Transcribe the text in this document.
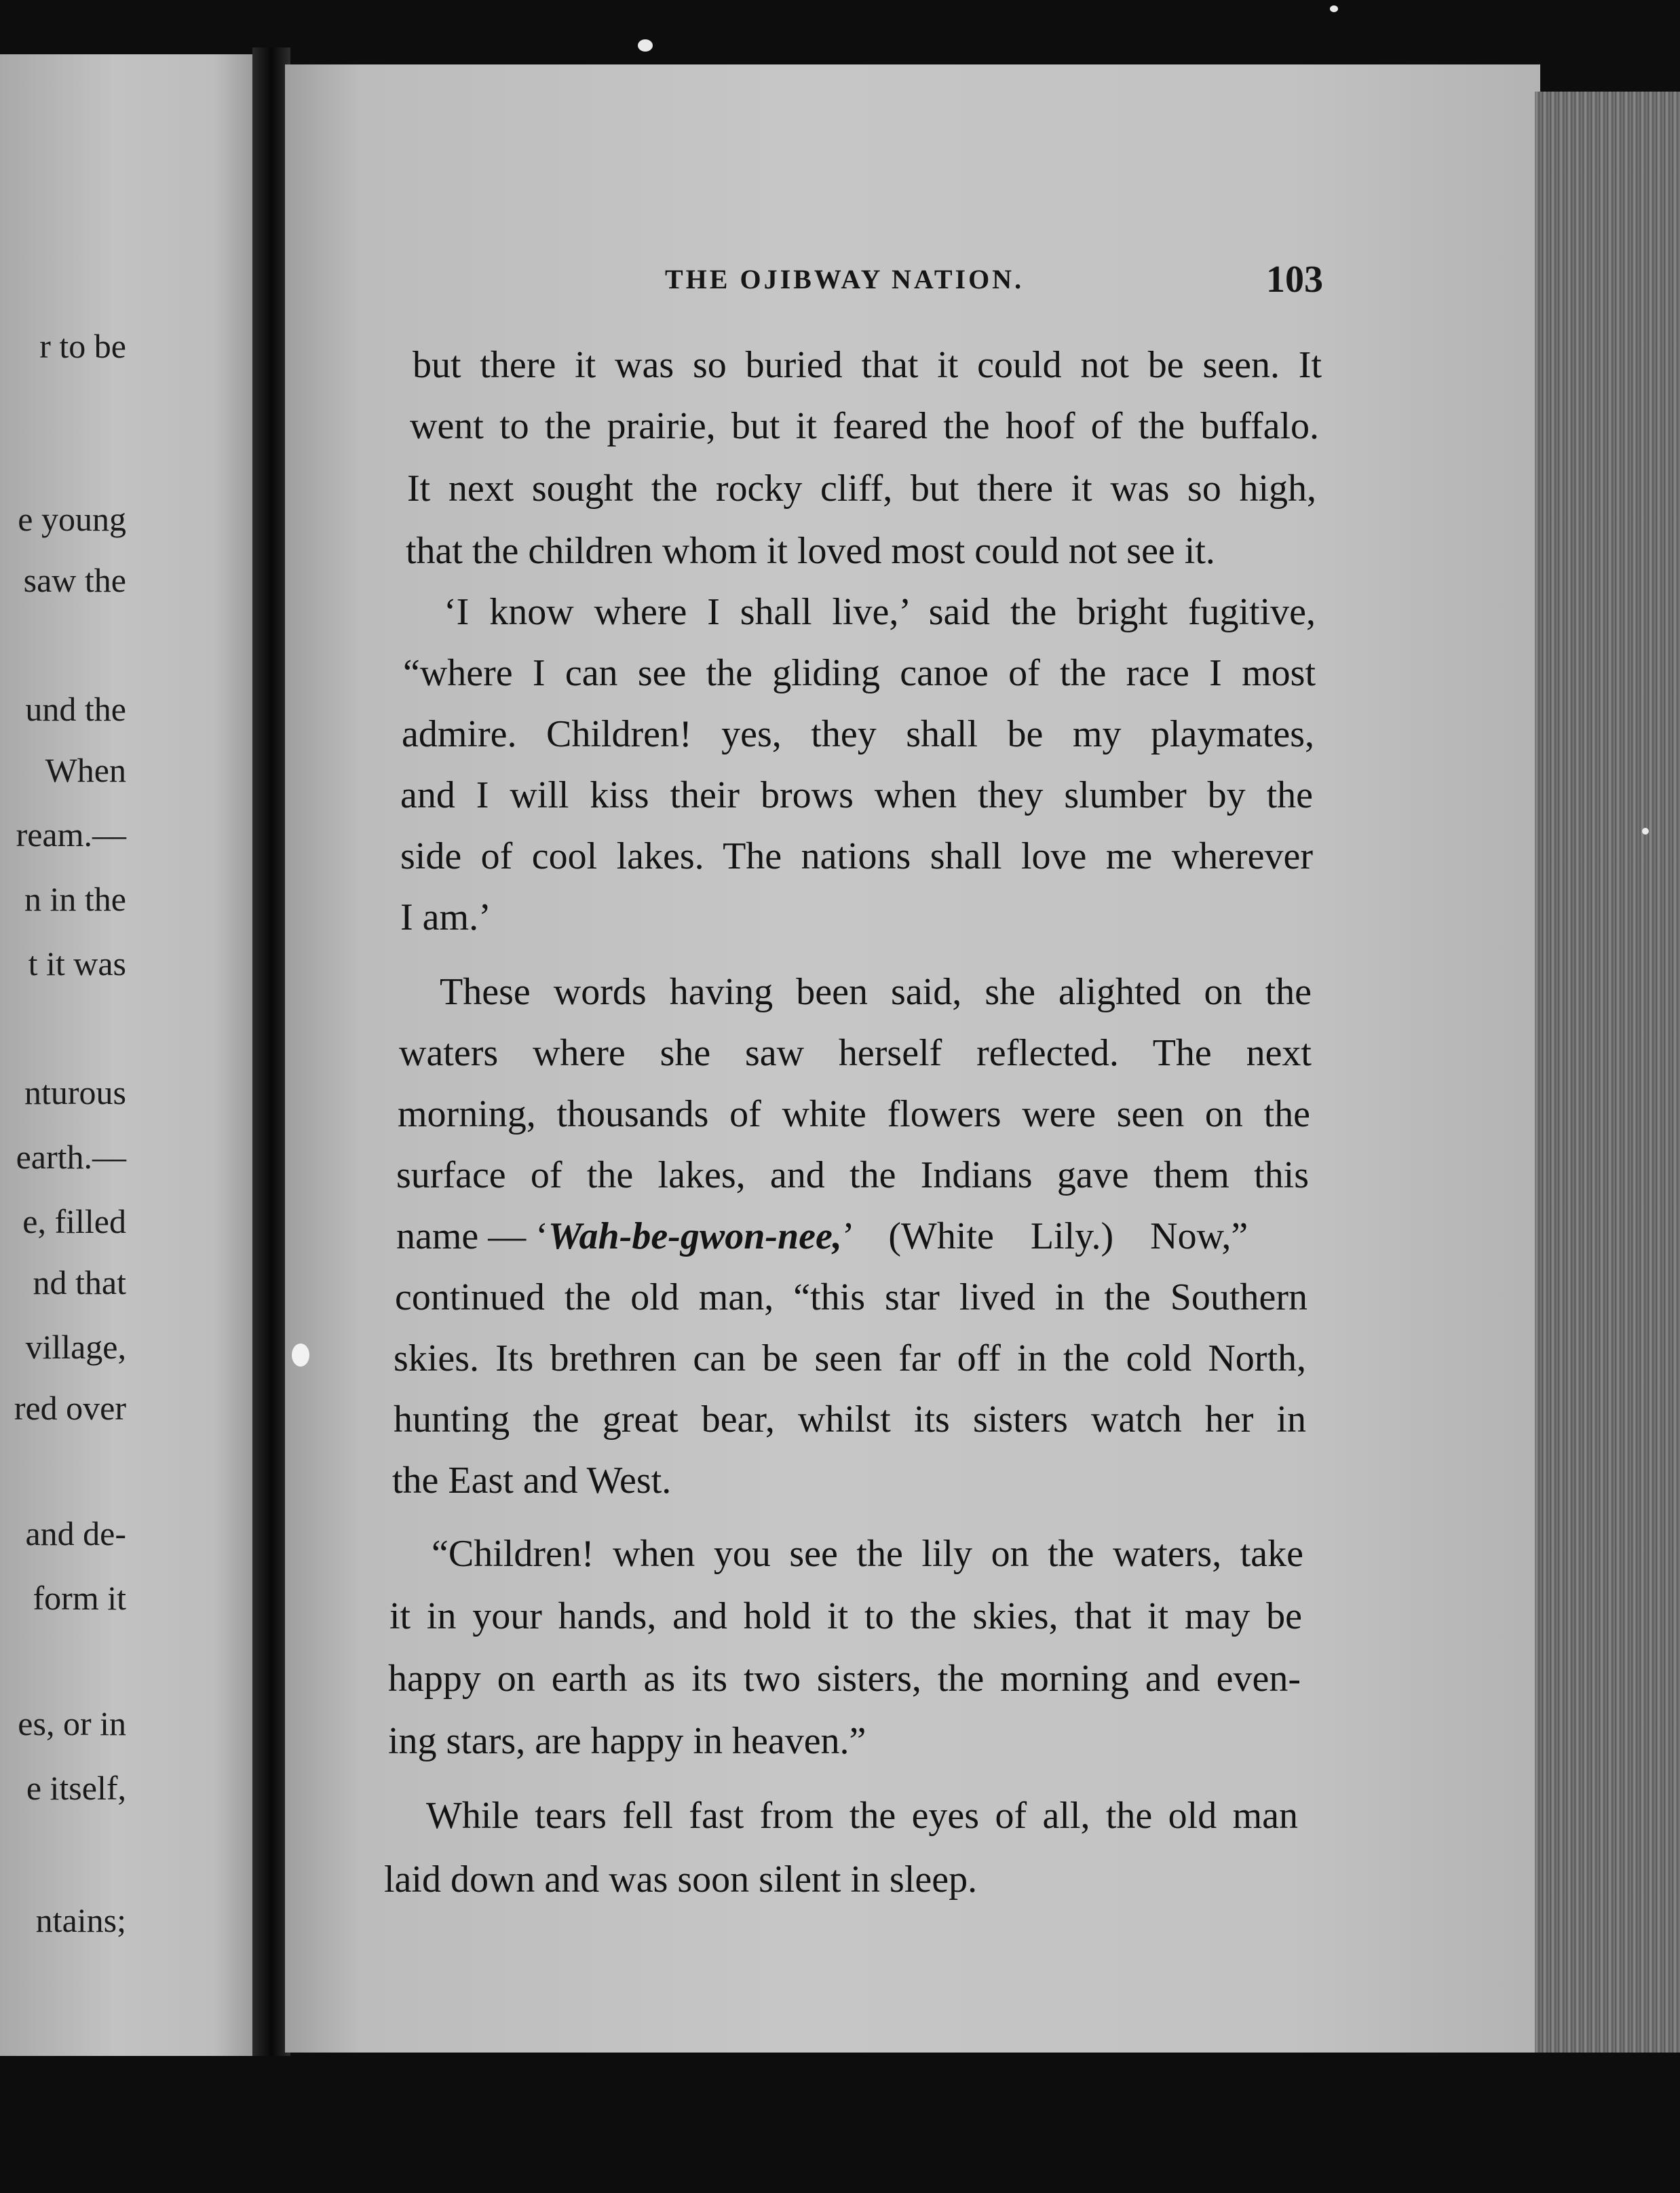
r to be
e young
saw the
und the
When
ream.—
n in the
t it was
nturous
earth.—
e, filled
nd that
village,
red over
and de-
form it
es, or in
e itself,
ntains;
THE OJIBWAY NATION.	103
but there it was so buried that it could not be seen. It
went to the prairie, but it feared the hoof of the buffalo.
It next sought the rocky cliff, but there it was so high,
that the children whom it loved most could not see it.
‘I know where I shall live,’ said the bright fugitive,
“where I can see the gliding canoe of the race I most
admire. Children! yes, they shall be my playmates,
and I will kiss their brows when they slumber by the
side of cool lakes. The nations shall love me wherever
I am.’
These words having been said, she alighted on the
waters where she saw herself reflected. The next
morning, thousands of white flowers were seen on the
surface of the lakes, and the Indians gave them this
name — ‘Wah-be-gwon-nee,’ (White Lily.) Now,”
continued the old man, “this star lived in the Southern
skies. Its brethren can be seen far off in the cold North,
hunting the great bear, whilst its sisters watch her in
the East and West.
“Children! when you see the lily on the waters, take
it in your hands, and hold it to the skies, that it may be
happy on earth as its two sisters, the morning and even-
ing stars, are happy in heaven.”
While tears fell fast from the eyes of all, the old man
laid down and was soon silent in sleep.
